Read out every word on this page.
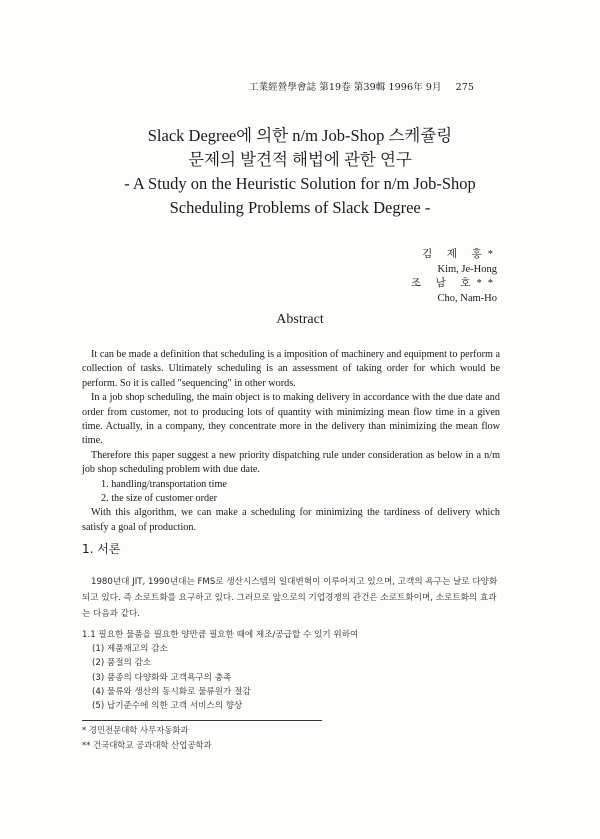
工業經營學會誌 第19卷 第39輯 1996年 9月 275
Slack Degree에 의한 n/m Job-Shop 스케쥴링
문제의 발견적 해법에 관한 연구
- A Study on the Heuristic Solution for n/m Job-Shop
Scheduling Problems of Slack Degree -
김 제 홍*
Kim, Je-Hong
조 남 호**
Cho, Nam-Ho
Abstract

It can be made a definition that scheduling is a imposition of machinery and equipment to perform a collection of tasks. Ultimately scheduling is an assessment of taking order for which would be perform. So it is called "sequencing" in other words.

In a job shop scheduling, the main object is to making delivery in accordance with the due date and order from customer, not to producing lots of quantity with minimizing mean flow time in a given time. Actually, in a company, they concentrate more in the delivery than minimizing the mean flow time.

Therefore this paper suggest a new priority dispatching rule under consideration as below in a n/m job shop scheduling problem with due date.

1. handling/transportation time

2. the size of customer order

With this algorithm, we can make a scheduling for minimizing the tardiness of delivery which satisfy a goal of production.

1. 서론

1980년대 JIT, 1990년대는 FMS로 생산시스템의 일대변혁이 이루어지고 있으며, 고객의 욕구는 날로 다양화되고 있다. 즉 소로트화를 요구하고 있다. 그러므로 앞으로의 기업경쟁의 관건은 소로트화이며, 소로트화의 효과는 다음과 같다.

1.1 필요한 물품을 필요한 양만큼 필요한 때에 제조/공급할 수 있기 위하여

(1) 제품재고의 감소

(2) 품절의 감소

(3) 품종의 다양화와 고객욕구의 충족

(4) 물류와 생산의 동시화로 물류원가 절감

(5) 납기준수에 의한 고객 서비스의 향상

* 경민전문대학 사무자동화과
** 건국대학교 공과대학 산업공학과
